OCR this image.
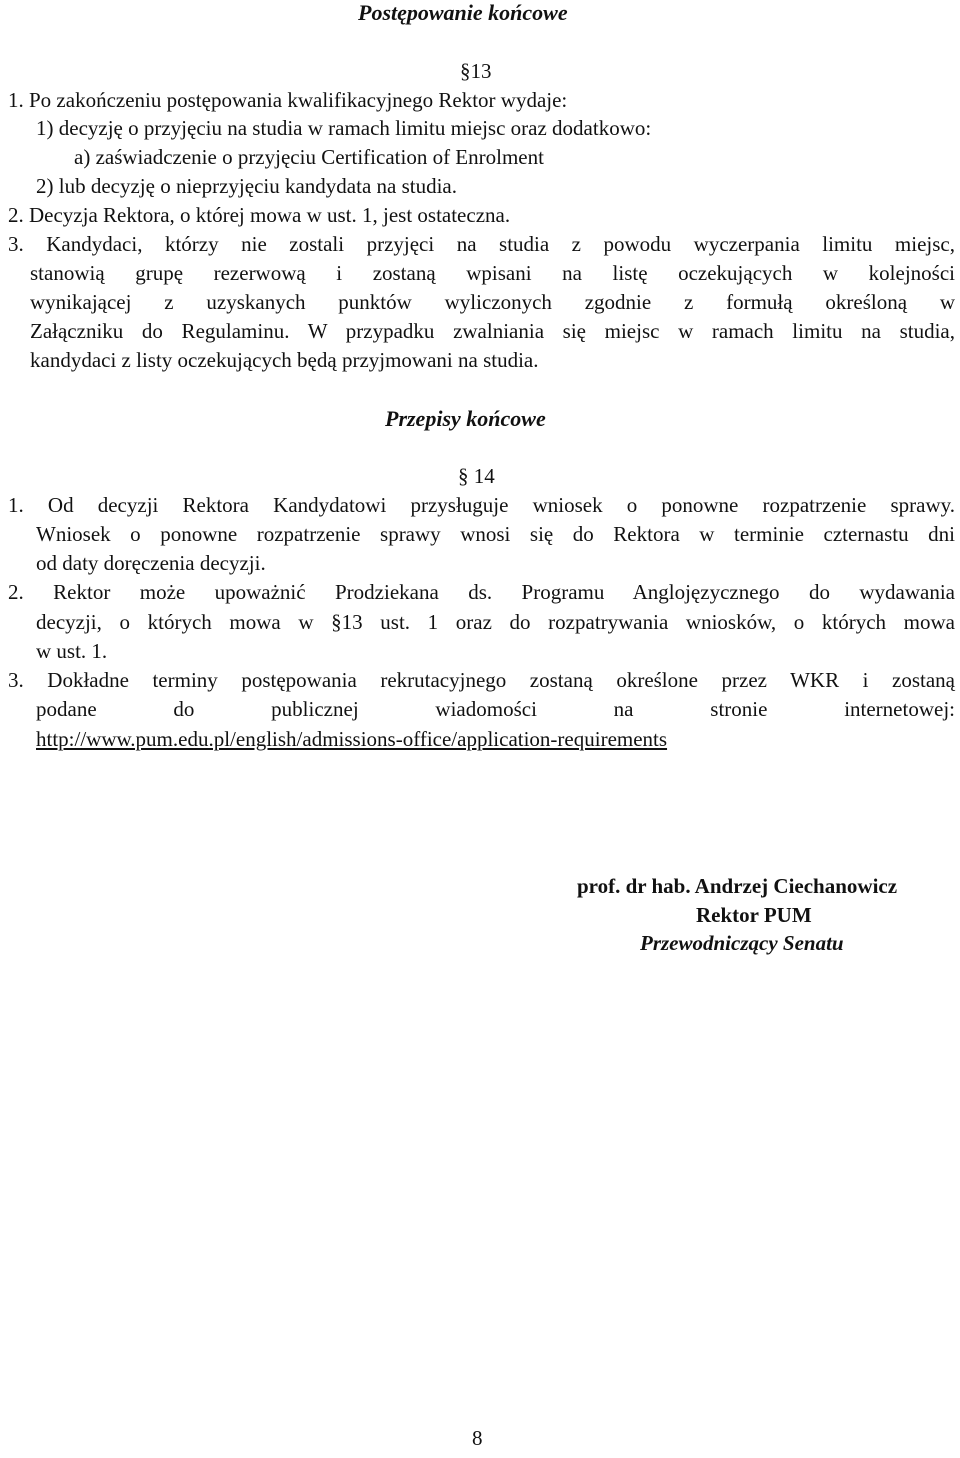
Postępowanie końcowe
§13
1. Po zakończeniu postępowania kwalifikacyjnego Rektor wydaje:
1) decyzję o przyjęciu na studia w ramach limitu miejsc oraz dodatkowo:
a) zaświadczenie o przyjęciu Certification of Enrolment
2) lub decyzję o nieprzyjęciu kandydata na studia.
2. Decyzja Rektora, o której mowa w ust. 1, jest ostateczna.
3. Kandydaci, którzy nie zostali przyjęci na studia z powodu wyczerpania limitu miejsc,
stanowią grupę rezerwową i zostaną wpisani na listę oczekujących w kolejności
wynikającej z uzyskanych punktów wyliczonych zgodnie z formułą określoną w
Załączniku do Regulaminu. W przypadku zwalniania się miejsc w ramach limitu na studia,
kandydaci z listy oczekujących będą przyjmowani na studia.
Przepisy końcowe
§ 14
1. Od decyzji Rektora Kandydatowi przysługuje wniosek o ponowne rozpatrzenie sprawy.
Wniosek o ponowne rozpatrzenie sprawy wnosi się do Rektora w terminie czternastu dni
od daty doręczenia decyzji.
2. Rektor może upoważnić Prodziekana ds. Programu Anglojęzycznego do wydawania
decyzji, o których mowa w §13 ust. 1 oraz do rozpatrywania wniosków, o których mowa
w ust. 1.
3. Dokładne terminy postępowania rekrutacyjnego zostaną określone przez WKR i zostaną
podane do publicznej wiadomości na stronie internetowej:
http://www.pum.edu.pl/english/admissions-office/application-requirements
prof. dr hab. Andrzej Ciechanowicz
Rektor PUM
Przewodniczący Senatu
8
